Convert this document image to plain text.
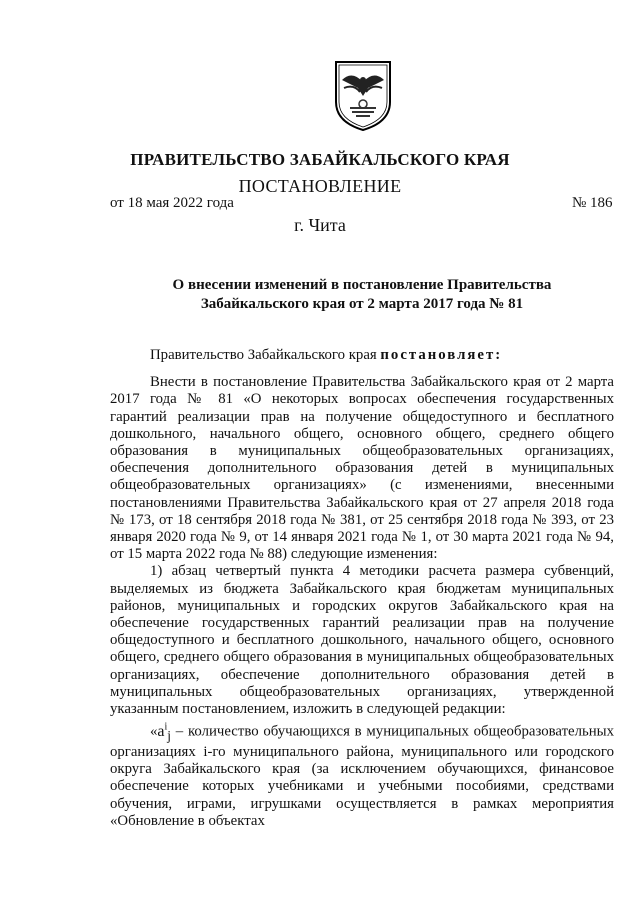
ПРАВИТЕЛЬСТВО ЗАБАЙКАЛЬСКОГО КРАЯ
ПОСТАНОВЛЕНИЕ
от 18 мая 2022 года	№ 186
г. Чита
О внесении изменений в постановление Правительства
Забайкальского края от 2 марта 2017 года № 81

Правительство Забайкальского края постановляет:

Внести в постановление Правительства Забайкальского края от 2 марта 2017 года № 81 «О некоторых вопросах обеспечения государственных гарантий реализации прав на получение общедоступного и бесплатного дошкольного, начального общего, основного общего, среднего общего образования в муниципальных общеобразовательных организациях, обеспечения дополнительного образования детей в муниципальных общеобразовательных организациях» (с изменениями, внесенными постановлениями Правительства Забайкальского края от 27 апреля 2018 года № 173, от 18 сентября 2018 года № 381, от 25 сентября 2018 года № 393, от 23 января 2020 года № 9, от 14 января 2021 года № 1, от 30 марта 2021 года № 94, от 15 марта 2022 года № 88) следующие изменения:

1) абзац четвертый пункта 4 методики расчета размера субвенций, выделяемых из бюджета Забайкальского края бюджетам муниципальных районов, муниципальных и городских округов Забайкальского края на обеспечение государственных гарантий реализации прав на получение общедоступного и бесплатного дошкольного, начального общего, основного общего, среднего общего образования в муниципальных общеобразовательных организациях, обеспечение дополнительного образования детей в муниципальных общеобразовательных организациях, утвержденной указанным постановлением, изложить в следующей редакции:

«$a^i_j$ – количество обучающихся в муниципальных общеобразовательных организациях i-го муниципального района, муниципального или городского округа Забайкальского края (за исключением обучающихся, финансовое обеспечение которых учебниками и учебными пособиями, средствами обучения, играми, игрушками осуществляется в рамках мероприятия «Обновление в объектах
